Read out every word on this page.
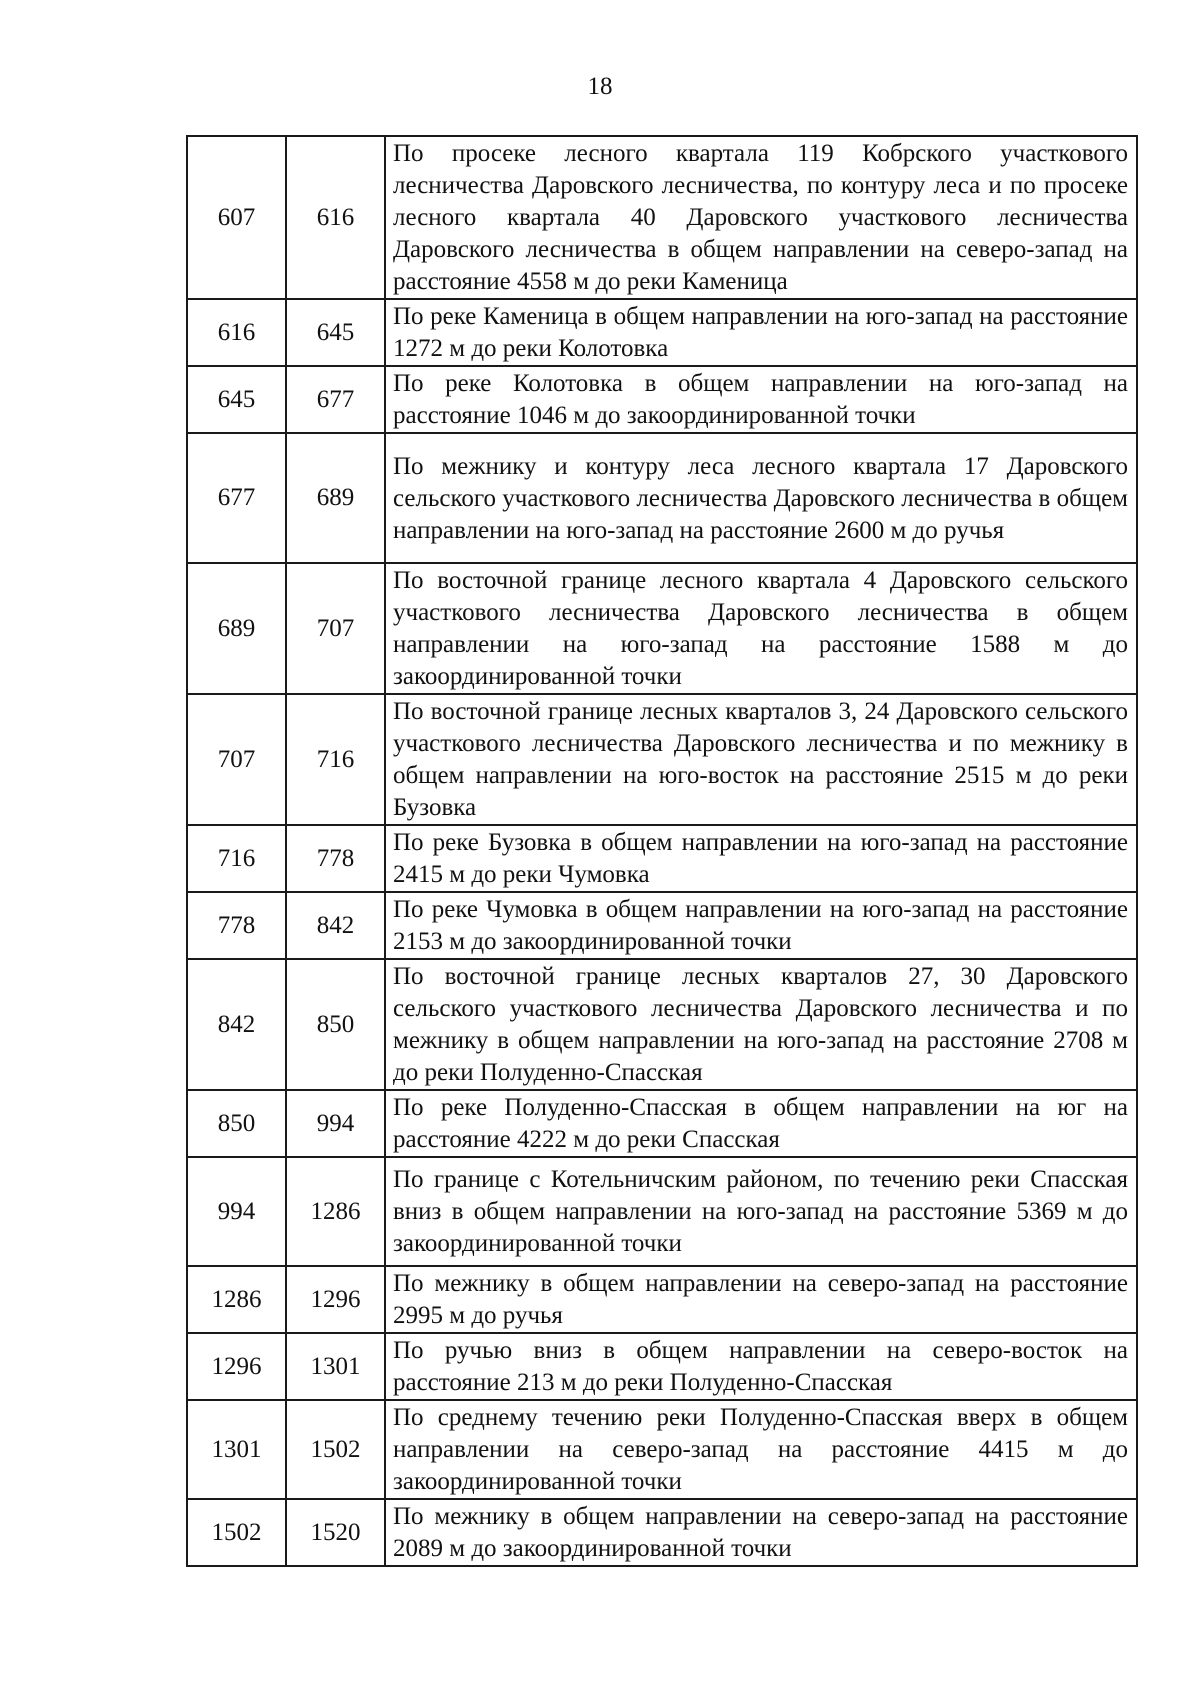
18
607	616	По просеке лесного квартала 119 Кобрского участкового лесничества Даровского лесничества, по контуру леса и по просеке лесного квартала 40 Даровского участкового лесничества Даровского лесничества в общем направлении на северо-запад на расстояние 4558 м до реки Каменица
616	645	По реке Каменица в общем направлении на юго-запад на расстояние 1272 м до реки Колотовка
645	677	По реке Колотовка в общем направлении на юго-запад на расстояние 1046 м до закоординированной точки
677	689	По межнику и контуру леса лесного квартала 17 Даровского сельского участкового лесничества Даровского лесничества в общем направлении на юго-запад на расстояние 2600 м до ручья
689	707	По восточной границе лесного квартала 4 Даровского сельского участкового лесничества Даровского лесничества в общем направлении на юго-запад на расстояние 1588 м до закоординированной точки
707	716	По восточной границе лесных кварталов 3, 24 Даровского сельского участкового лесничества Даровского лесничества и по межнику в общем направлении на юго-восток на расстояние 2515 м до реки Бузовка
716	778	По реке Бузовка в общем направлении на юго-запад на расстояние 2415 м до реки Чумовка
778	842	По реке Чумовка в общем направлении на юго-запад на расстояние 2153 м до закоординированной точки
842	850	По восточной границе лесных кварталов 27, 30 Даровского сельского участкового лесничества Даровского лесничества и по межнику в общем направлении на юго-запад на расстояние 2708 м до реки Полуденно-Спасская
850	994	По реке Полуденно-Спасская в общем направлении на юг на расстояние 4222 м до реки Спасская
994	1286	По границе с Котельничским районом, по течению реки Спасская вниз в общем направлении на юго-запад на расстояние 5369 м до закоординированной точки
1286	1296	По межнику в общем направлении на северо-запад на расстояние 2995 м до ручья
1296	1301	По ручью вниз в общем направлении на северо-восток на расстояние 213 м до реки Полуденно-Спасская
1301	1502	По среднему течению реки Полуденно-Спасская вверх в общем направлении на северо-запад на расстояние 4415 м до закоординированной точки
1502	1520	По межнику в общем направлении на северо-запад на расстояние 2089 м до закоординированной точки
